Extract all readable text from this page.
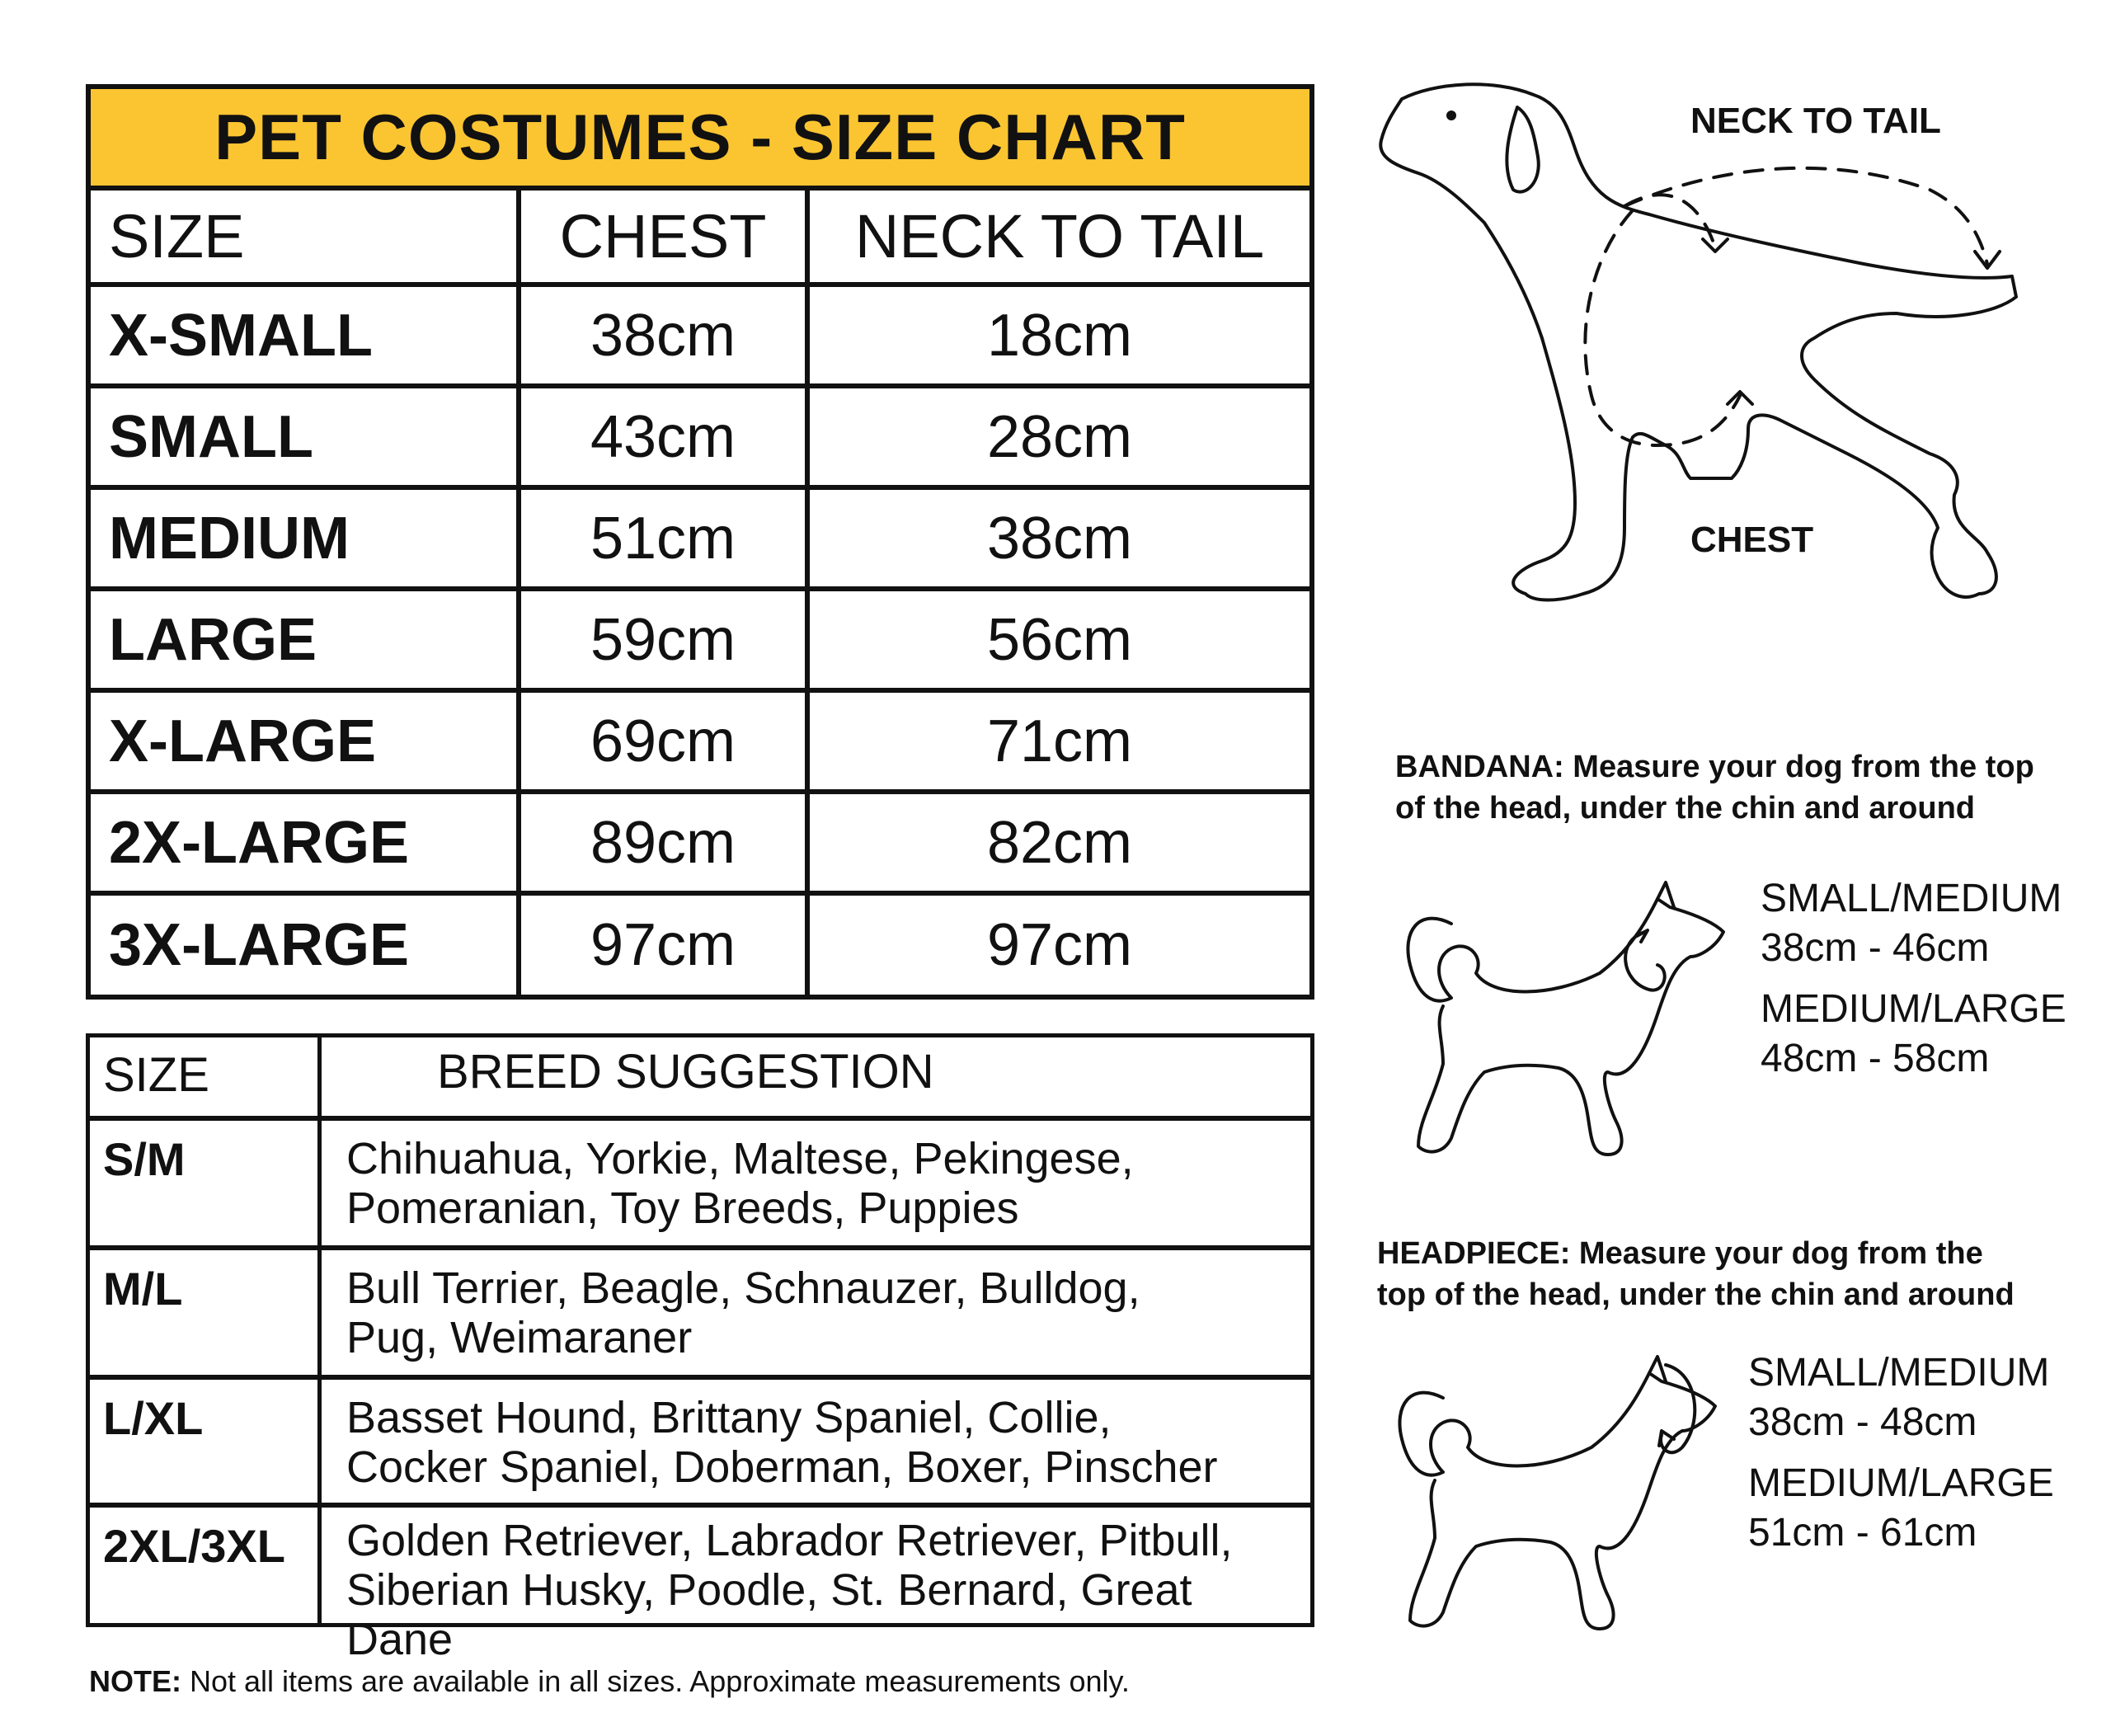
PET COSTUMES - SIZE CHART
SIZE	CHEST	NECK TO TAIL
X-SMALL	38cm	18cm
SMALL	43cm	28cm
MEDIUM	51cm	38cm
LARGE	59cm	56cm
X-LARGE	69cm	71cm
2X-LARGE	89cm	82cm
3X-LARGE	97cm	97cm
SIZE	BREED SUGGESTION
S/M	Chihuahua, Yorkie, Maltese, Pekingese,
Pomeranian, Toy Breeds, Puppies
M/L	Bull Terrier, Beagle, Schnauzer, Bulldog,
Pug, Weimaraner
L/XL	Basset Hound, Brittany Spaniel, Collie,
Cocker Spaniel, Doberman, Boxer, Pinscher
2XL/3XL	Golden Retriever, Labrador Retriever, Pitbull,
Siberian Husky, Poodle, St. Bernard, Great Dane
NOTE: Not all items are available in all sizes. Approximate measurements only.
NECK TO TAIL
CHEST
BANDANA: Measure your dog from the top
of the head, under the chin and around
SMALL/MEDIUM
38cm - 46cm
MEDIUM/LARGE
48cm - 58cm
HEADPIECE: Measure your dog from the
top of the head, under the chin and around
SMALL/MEDIUM
38cm - 48cm
MEDIUM/LARGE
51cm - 61cm
